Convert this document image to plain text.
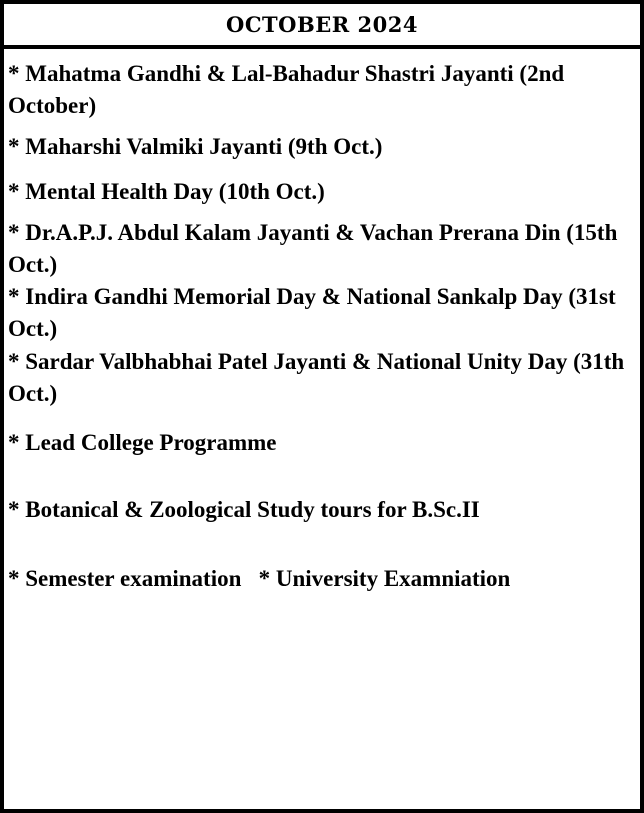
OCTOBER 2024
* Mahatma Gandhi & Lal-Bahadur Shastri Jayanti (2nd October)
* Maharshi Valmiki Jayanti (9th Oct.)
* Mental Health Day (10th Oct.)
* Dr.A.P.J. Abdul Kalam Jayanti & Vachan Prerana Din (15th Oct.)
* Indira Gandhi Memorial Day & National Sankalp Day (31st Oct.)
* Sardar Valbhabhai Patel Jayanti & National Unity Day (31th Oct.)
* Lead College Programme
* Botanical & Zoological Study tours for B.Sc.II
* Semester examination   * University Examniation
